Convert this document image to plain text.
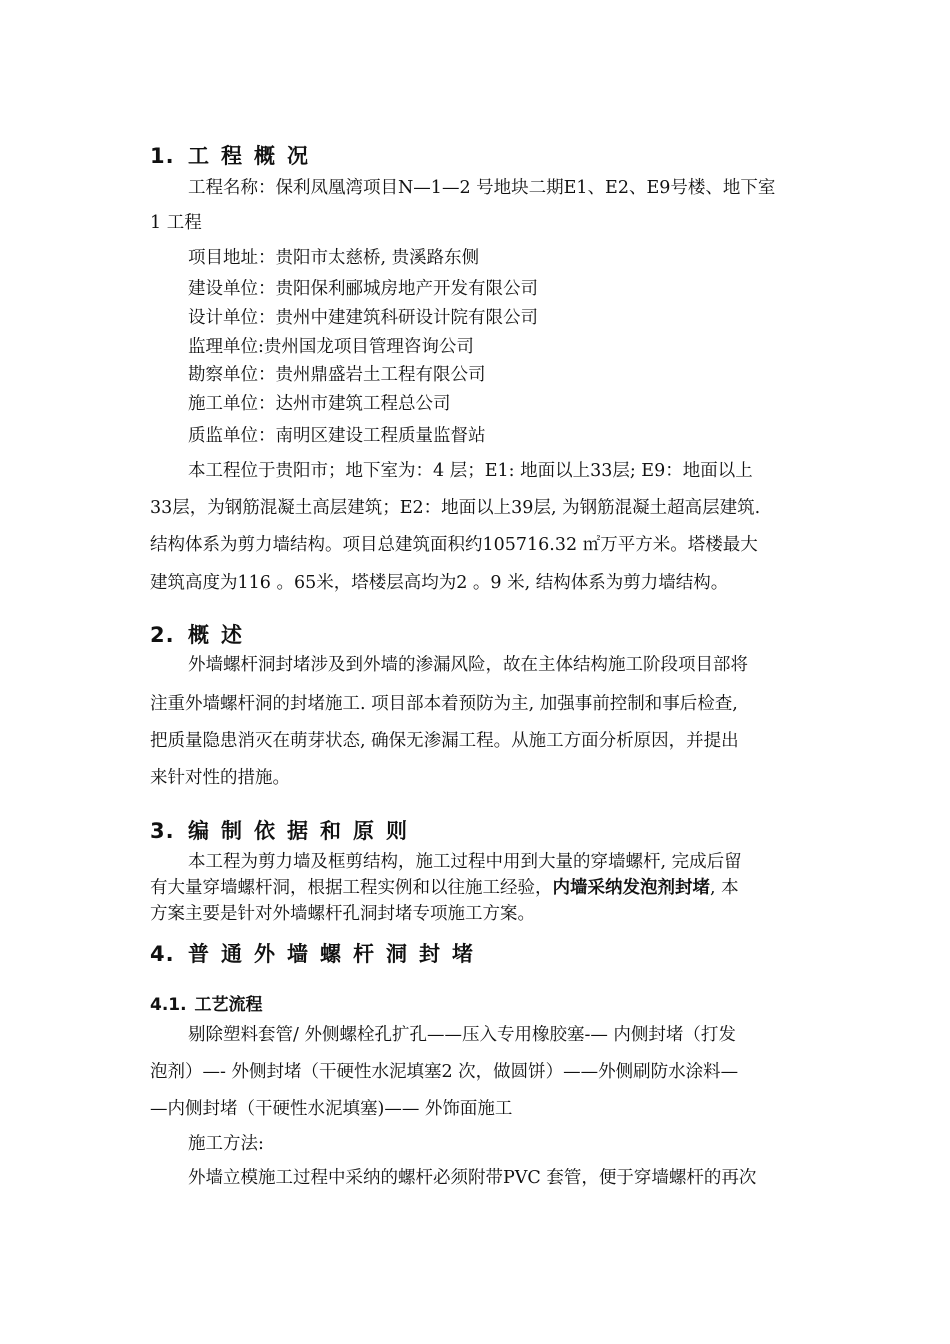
1. 工程概况
工程名称：保利凤凰湾项目N—1—2 号地块二期E1、E2、E9号楼、地下室
1 工程
项目地址：贵阳市太慈桥, 贵溪路东侧
建设单位：贵阳保利郦城房地产开发有限公司
设计单位：贵州中建建筑科研设计院有限公司
监理单位:贵州国龙项目管理咨询公司
勘察单位：贵州鼎盛岩土工程有限公司
施工单位：达州市建筑工程总公司
质监单位：南明区建设工程质量监督站
本工程位于贵阳市；地下室为：4 层；E1: 地面以上33层; E9：地面以上
33层，为钢筋混凝土高层建筑；E2：地面以上39层, 为钢筋混凝土超高层建筑.
结构体系为剪力墙结构。项目总建筑面积约105716.32 ㎡万平方米。塔楼最大
建筑高度为116 。65米，塔楼层高均为2 。9 米, 结构体系为剪力墙结构。
2. 概述
外墙螺杆洞封堵涉及到外墙的渗漏风险，故在主体结构施工阶段项目部将
注重外墙螺杆洞的封堵施工. 项目部本着预防为主, 加强事前控制和事后检查,
把质量隐患消灭在萌芽状态, 确保无渗漏工程。从施工方面分析原因，并提出
来针对性的措施。
3. 编制依据和原则
本工程为剪力墙及框剪结构，施工过程中用到大量的穿墙螺杆, 完成后留
有大量穿墙螺杆洞，根据工程实例和以往施工经验，内墙采纳发泡剂封堵, 本
方案主要是针对外墙螺杆孔洞封堵专项施工方案。
4. 普通外墙螺杆洞封堵
4.1. 工艺流程
剔除塑料套管/ 外侧螺栓孔扩孔——压入专用橡胶塞-— 内侧封堵（打发
泡剂）—- 外侧封堵（干硬性水泥填塞2 次，做圆饼）——外侧刷防水涂料—
—内侧封堵（干硬性水泥填塞)—— 外饰面施工
施工方法:
外墙立模施工过程中采纳的螺杆必须附带PVC 套管，便于穿墙螺杆的再次
